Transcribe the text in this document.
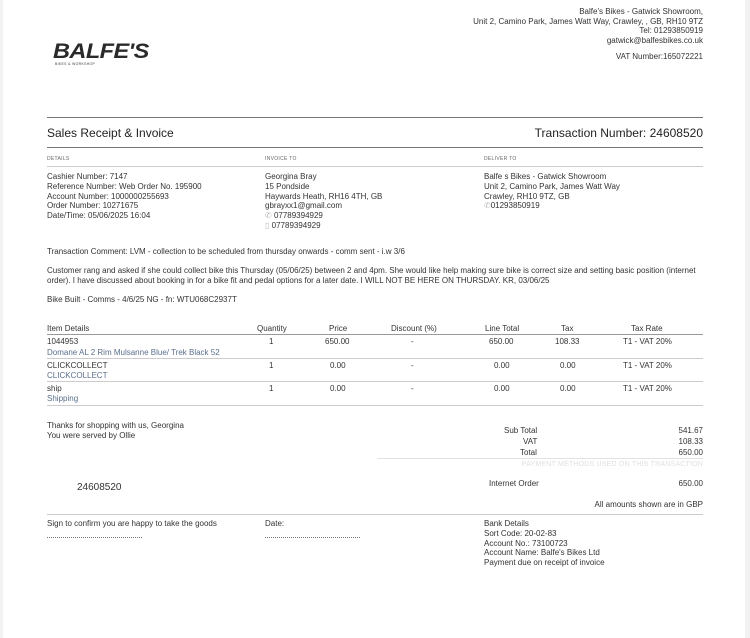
BALFE'S
BIKES & WORKSHOP
Balfe's Bikes - Gatwick Showroom,
Unit 2, Camino Park, James Watt Way, Crawley, , GB, RH10 9TZ
Tel: 01293850919
gatwick@balfesbikes.co.uk
VAT Number:165072221
Sales Receipt & Invoice	Transaction Number: 24608520
DETAILS	INVOICE TO	DELIVER TO
Cashier Number: 7147
Reference Number: Web Order No. 195900
Account Number: 1000000255693
Order Number: 10271675
Date/Time: 05/06/2025 16:04
Georgina Bray
15 Pondside
Haywards Heath, RH16 4TH, GB
gbrayxx1@gmail.com
✆ 07789394929
▯ 07789394929
Balfe s Bikes - Gatwick Showroom
Unit 2, Camino Park, James Watt Way
Crawley, RH10 9TZ, GB
✆01293850919
Transaction Comment: LVM - collection to be scheduled from thursday onwards - comm sent - i.w 3/6
Customer rang and asked if she could collect bike this Thursday (05/06/25) between 2 and 4pm. She would like help making sure bike is correct size and setting basic position (internet
order). I have discussed about booking in for a bike fit and pedal options for a later date. I WILL NOT BE HERE ON THURSDAY. KR, 03/06/25
Bike Built - Comms - 4/6/25 NG - fn: WTU068C2937T
Item Details	Quantity	Price	Discount (%)	Line Total	Tax	Tax Rate
1044953
Domane AL 2 Rim Mulsanne Blue/ Trek Black 52
1	650.00	-	650.00	108.33	T1 - VAT 20%
CLICKCOLLECT
CLICKCOLLECT
1	0.00	-	0.00	0.00	T1 - VAT 20%
ship
Shipping
1	0.00	-	0.00	0.00	T1 - VAT 20%
Thanks for shopping with us, Georgina
You were served by Ollie
Sub Total	541.67
VAT	108.33
Total	650.00
PAYMENT METHODS USED ON THIS TRANSACTION
Internet Order	650.00
24608520
All amounts shown are in GBP
Sign to confirm you are happy to take the goods	Date:	Bank Details
Sort Code: 20-02-83
Account No.: 73100723
Account Name: Balfe's Bikes Ltd
Payment due on receipt of invoice
